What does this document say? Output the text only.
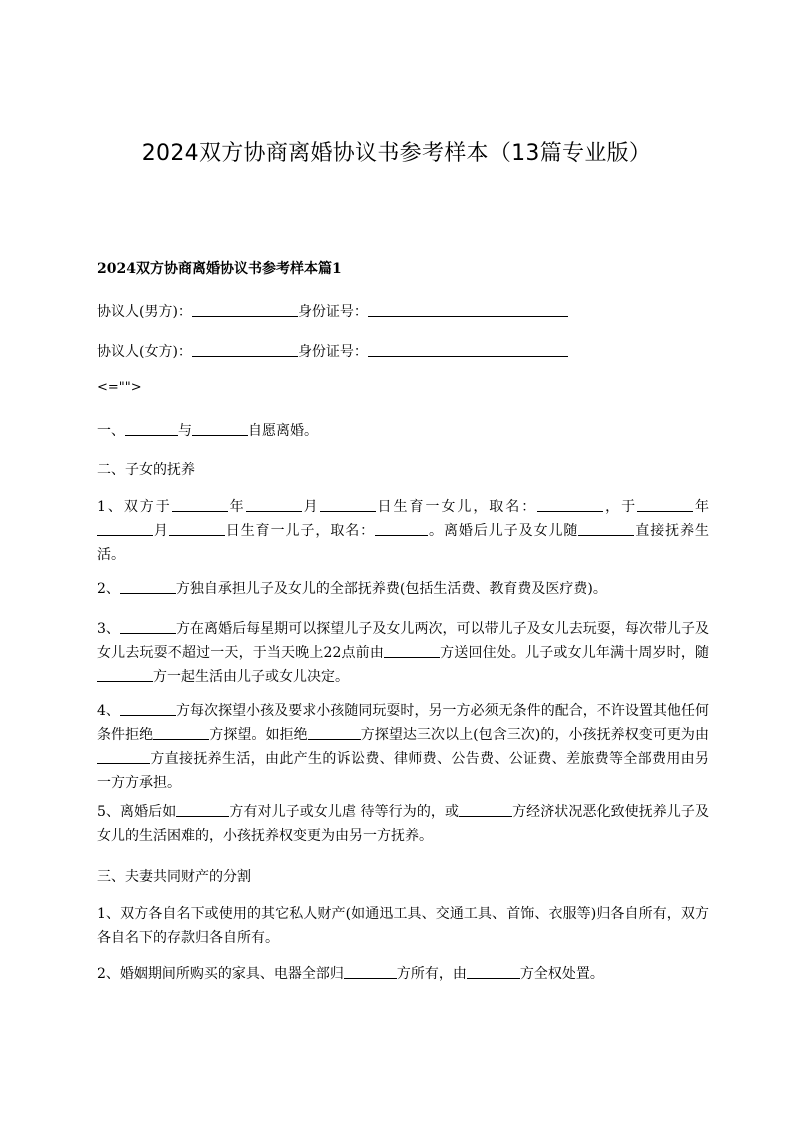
2024双方协商离婚协议书参考样本（13篇专业版）
2024双方协商离婚协议书参考样本篇1
协议人(男方)：	身份证号：
协议人(女方)：	身份证号：
<="">
一、	与	自愿离婚。
二、子女的抚养
1、双方于	年	月	日生育一女儿，取名：	，于	年月	日生育一儿子，取名：	。离婚后儿子及女儿随	直接抚养生活。
2、	方独自承担儿子及女儿的全部抚养费(包括生活费、教育费及医疗费)。
3、	方在离婚后每星期可以探望儿子及女儿两次，可以带儿子及女儿去玩耍，每次带儿子及女儿去玩耍不超过一天，于当天晚上22点前由	方送回住处。儿子或女儿年满十周岁时，随方一起生活由儿子或女儿决定。
4、	方每次探望小孩及要求小孩随同玩耍时，另一方必须无条件的配合，不许设置其他任何条件拒绝	方探望。如拒绝	方探望达三次以上(包含三次)的，小孩抚养权变可更为由方直接抚养生活，由此产生的诉讼费、律师费、公告费、公证费、差旅费等全部费用由另一方方承担。
5、离婚后如	方有对儿子或女儿虐 待等行为的，或	方经济状况恶化致使抚养儿子及女儿的生活困难的，小孩抚养权变更为由另一方抚养。
三、夫妻共同财产的分割
1、双方各自名下或使用的其它私人财产(如通迅工具、交通工具、首饰、衣服等)归各自所有，双方各自名下的存款归各自所有。
2、婚姻期间所购买的家具、电器全部归	方所有，由	方全权处置。
